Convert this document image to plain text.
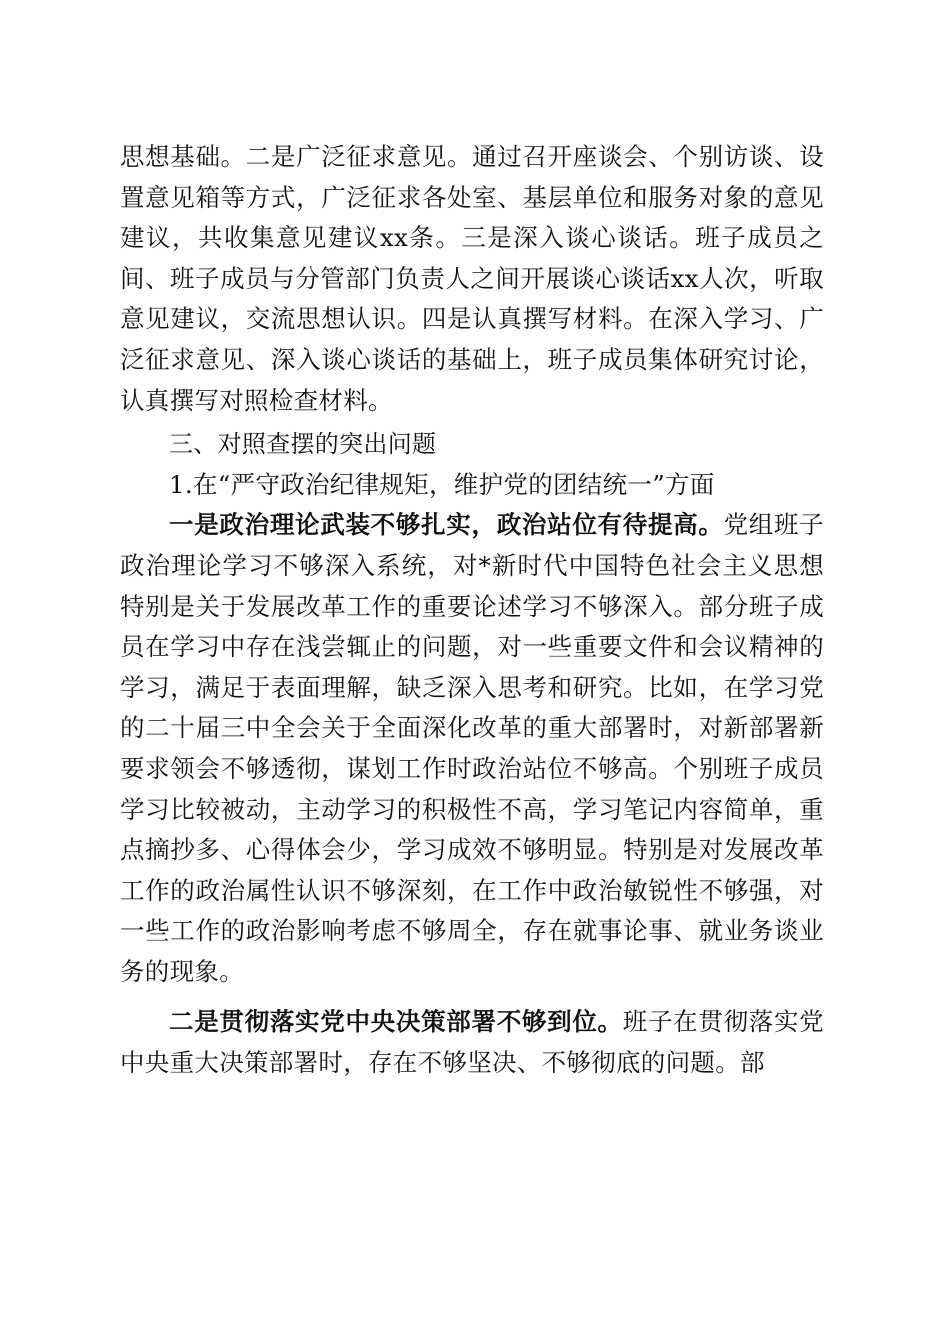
思想基础。二是广泛征求意见。通过召开座谈会、个别访谈、设置意见箱等方式，广泛征求各处室、基层单位和服务对象的意见建议，共收集意见建议xx条。三是深入谈心谈话。班子成员之间、班子成员与分管部门负责人之间开展谈心谈话xx人次，听取意见建议，交流思想认识。四是认真撰写材料。在深入学习、广泛征求意见、深入谈心谈话的基础上，班子成员集体研究讨论，认真撰写对照检查材料。

三、对照查摆的突出问题

1.在“严守政治纪律规矩，维护党的团结统一”方面

一是政治理论武装不够扎实，政治站位有待提高。党组班子政治理论学习不够深入系统，对*新时代中国特色社会主义思想特别是关于发展改革工作的重要论述学习不够深入。部分班子成员在学习中存在浅尝辄止的问题，对一些重要文件和会议精神的学习，满足于表面理解，缺乏深入思考和研究。比如，在学习党的二十届三中全会关于全面深化改革的重大部署时，对新部署新要求领会不够透彻，谋划工作时政治站位不够高。个别班子成员学习比较被动，主动学习的积极性不高，学习笔记内容简单，重点摘抄多、心得体会少，学习成效不够明显。特别是对发展改革工作的政治属性认识不够深刻，在工作中政治敏锐性不够强，对一些工作的政治影响考虑不够周全，存在就事论事、就业务谈业务的现象。

二是贯彻落实党中央决策部署不够到位。班子在贯彻落实党中央重大决策部署时，存在不够坚决、不够彻底的问题。部
